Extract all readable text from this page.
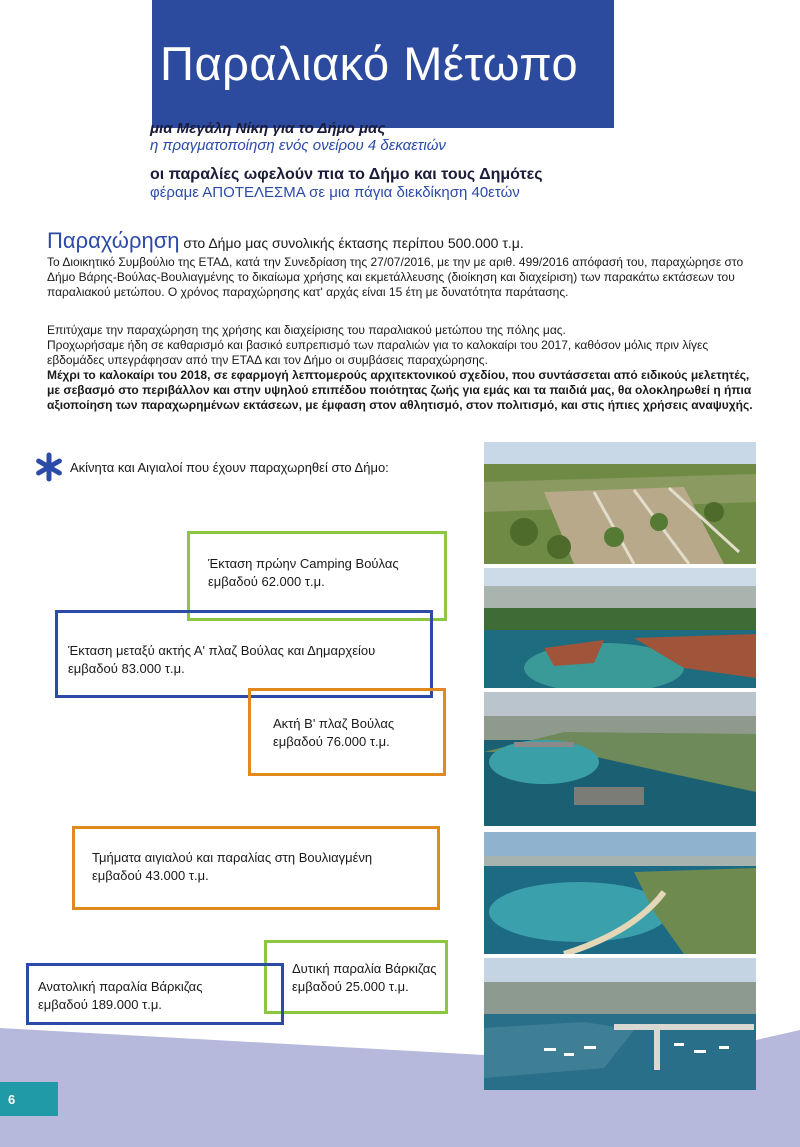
Παραλιακό Μέτωπο
μια Μεγάλη Νίκη για το Δήμο μας
η πραγματοποίηση ενός ονείρου 4 δεκαετιών
οι παραλίες ωφελούν πια το Δήμο και τους Δημότες
φέραμε ΑΠΟΤΕΛΕΣΜΑ σε μια πάγια διεκδίκηση 40ετών
Παραχώρηση στο Δήμο μας συνολικής έκτασης περίπου 500.000 τ.μ.

Το Διοικητικό Συμβούλιο της ΕΤΑΔ, κατά την Συνεδρίαση της 27/07/2016, με την με αριθ. 499/2016 απόφασή του, παραχώρησε στο Δήμο Βάρης-Βούλας-Βουλιαγμένης το δικαίωμα χρήσης και εκμετάλλευσης (διοίκηση και διαχείριση) των παρακάτω εκτάσεων του παραλιακού μετώπου. Ο χρόνος παραχώρησης κατ' αρχάς είναι 15 έτη με δυνατότητα παράτασης.

Επιτύχαμε την παραχώρηση της χρήσης και διαχείρισης του παραλιακού μετώπου της πόλης μας.

Προχωρήσαμε ήδη σε καθαρισμό και βασικό ευπρεπισμό των παραλιών για το καλοκαίρι του 2017, καθόσον μόλις πριν λίγες εβδομάδες υπεγράφησαν από την ΕΤΑΔ και τον Δήμο οι συμβάσεις παραχώρησης.

Μέχρι το καλοκαίρι του 2018, σε εφαρμογή λεπτομερούς αρχιτεκτονικού σχεδίου, που συντάσσεται από ειδικούς μελετητές, με σεβασμό στο περιβάλλον και στην υψηλού επιπέδου ποιότητας ζωής για εμάς και τα παιδιά μας, θα ολοκληρωθεί η ήπια αξιοποίηση των παραχωρημένων εκτάσεων, με έμφαση στον αθλητισμό, στον πολιτισμό, και στις ήπιες χρήσεις αναψυχής.

Ακίνητα και Αιγιαλοί που έχουν παραχωρηθεί στο Δήμο:
Έκταση πρώην Camping Βούλας
εμβαδού 62.000 τ.μ.
Έκταση μεταξύ ακτής Α' πλαζ Βούλας και Δημαρχείου
εμβαδού 83.000 τ.μ.
Ακτή Β' πλαζ Βούλας
εμβαδού 76.000 τ.μ.
Τμήματα αιγιαλού και παραλίας στη Βουλιαγμένη
εμβαδού 43.000 τ.μ.
Δυτική παραλία Βάρκιζας
εμβαδού 25.000 τ.μ.
Ανατολική παραλία Βάρκιζας
εμβαδού 189.000 τ.μ.
6
